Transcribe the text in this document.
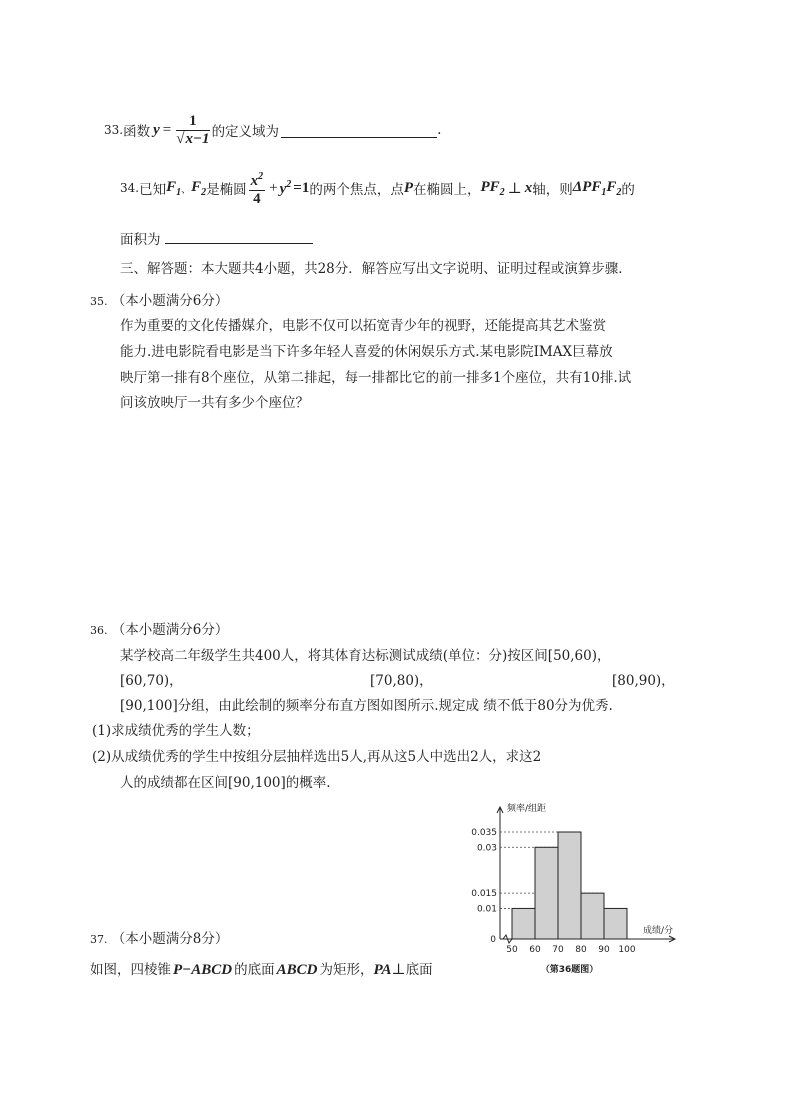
33. 函数 $y = \frac{1}{√x-1}$ 的定义域为	.
34. 已知 $F_1$ 、 $F_2$ 是椭圆 $\frac{x^2}{4} + y^2 =1$ 的两个焦点，点 P 在椭圆上， $PF_2$ ⊥ x 轴，则 $\Delta PF_1F_2$ 的
面积为
三、解答题：本大题共4小题，共28分．解答应写出文字说明、证明过程或演算步骤．
35. （本小题满分6分）
作为重要的文化传播媒介，电影不仅可以拓宽青少年的视野，还能提高其艺术鉴赏
能力.进电影院看电影是当下许多年轻人喜爱的休闲娱乐方式.某电影院IMAX巨幕放
映厅第一排有8个座位，从第二排起，每一排都比它的前一排多1个座位，共有10排.试
问该放映厅一共有多少个座位？
36. （本小题满分6分）
某学校高二年级学生共400人，将其体育达标测试成绩(单位：分)按区间[50,60)，
[60,70)，	[70,80)，	[80,90)，
[90,100]分组，由此绘制的频率分布直方图如图所示.规定成 绩不低于80分为优秀.
(1)求成绩优秀的学生人数；
(2)从成绩优秀的学生中按组分层抽样选出5人,再从这5人中选出2人，求这2
人的成绩都在区间[90,100]的概率.
0.035
0.03
0.015
0.01
0
50 60 70 80 90 100
频率/组距
成绩/分
（第36题图）
37. （本小题满分8分）
如图，四棱锥 P−ABCD 的底面 ABCD 为矩形， PA ⊥ 底面
